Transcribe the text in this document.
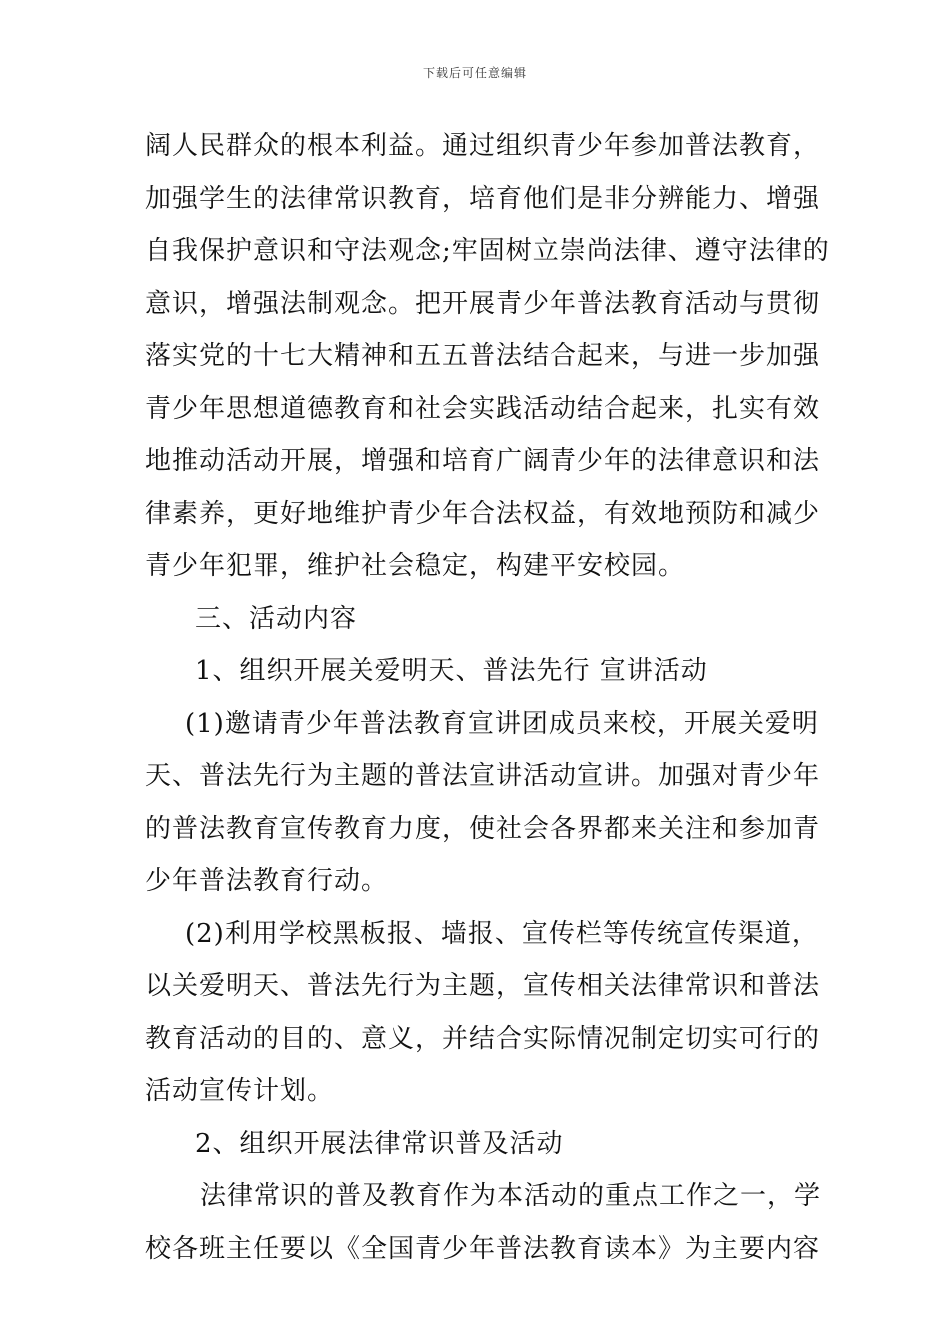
下载后可任意编辑
阔人民群众的根本利益。通过组织青少年参加普法教育，
加强学生的法律常识教育，培育他们是非分辨能力、增强
自我保护意识和守法观念;牢固树立崇尚法律、遵守法律的
意识，增强法制观念。把开展青少年普法教育活动与贯彻
落实党的十七大精神和五五普法结合起来，与进一步加强
青少年思想道德教育和社会实践活动结合起来，扎实有效
地推动活动开展，增强和培育广阔青少年的法律意识和法
律素养，更好地维护青少年合法权益，有效地预防和减少
青少年犯罪，维护社会稳定，构建平安校园。
三、活动内容
1、组织开展关爱明天、普法先行 宣讲活动
(1)邀请青少年普法教育宣讲团成员来校，开展关爱明
天、普法先行为主题的普法宣讲活动宣讲。加强对青少年
的普法教育宣传教育力度，使社会各界都来关注和参加青
少年普法教育行动。
(2)利用学校黑板报、墙报、宣传栏等传统宣传渠道，
以关爱明天、普法先行为主题，宣传相关法律常识和普法
教育活动的目的、意义，并结合实际情况制定切实可行的
活动宣传计划。
2、组织开展法律常识普及活动
法律常识的普及教育作为本活动的重点工作之一，学
校各班主任要以《全国青少年普法教育读本》为主要内容
